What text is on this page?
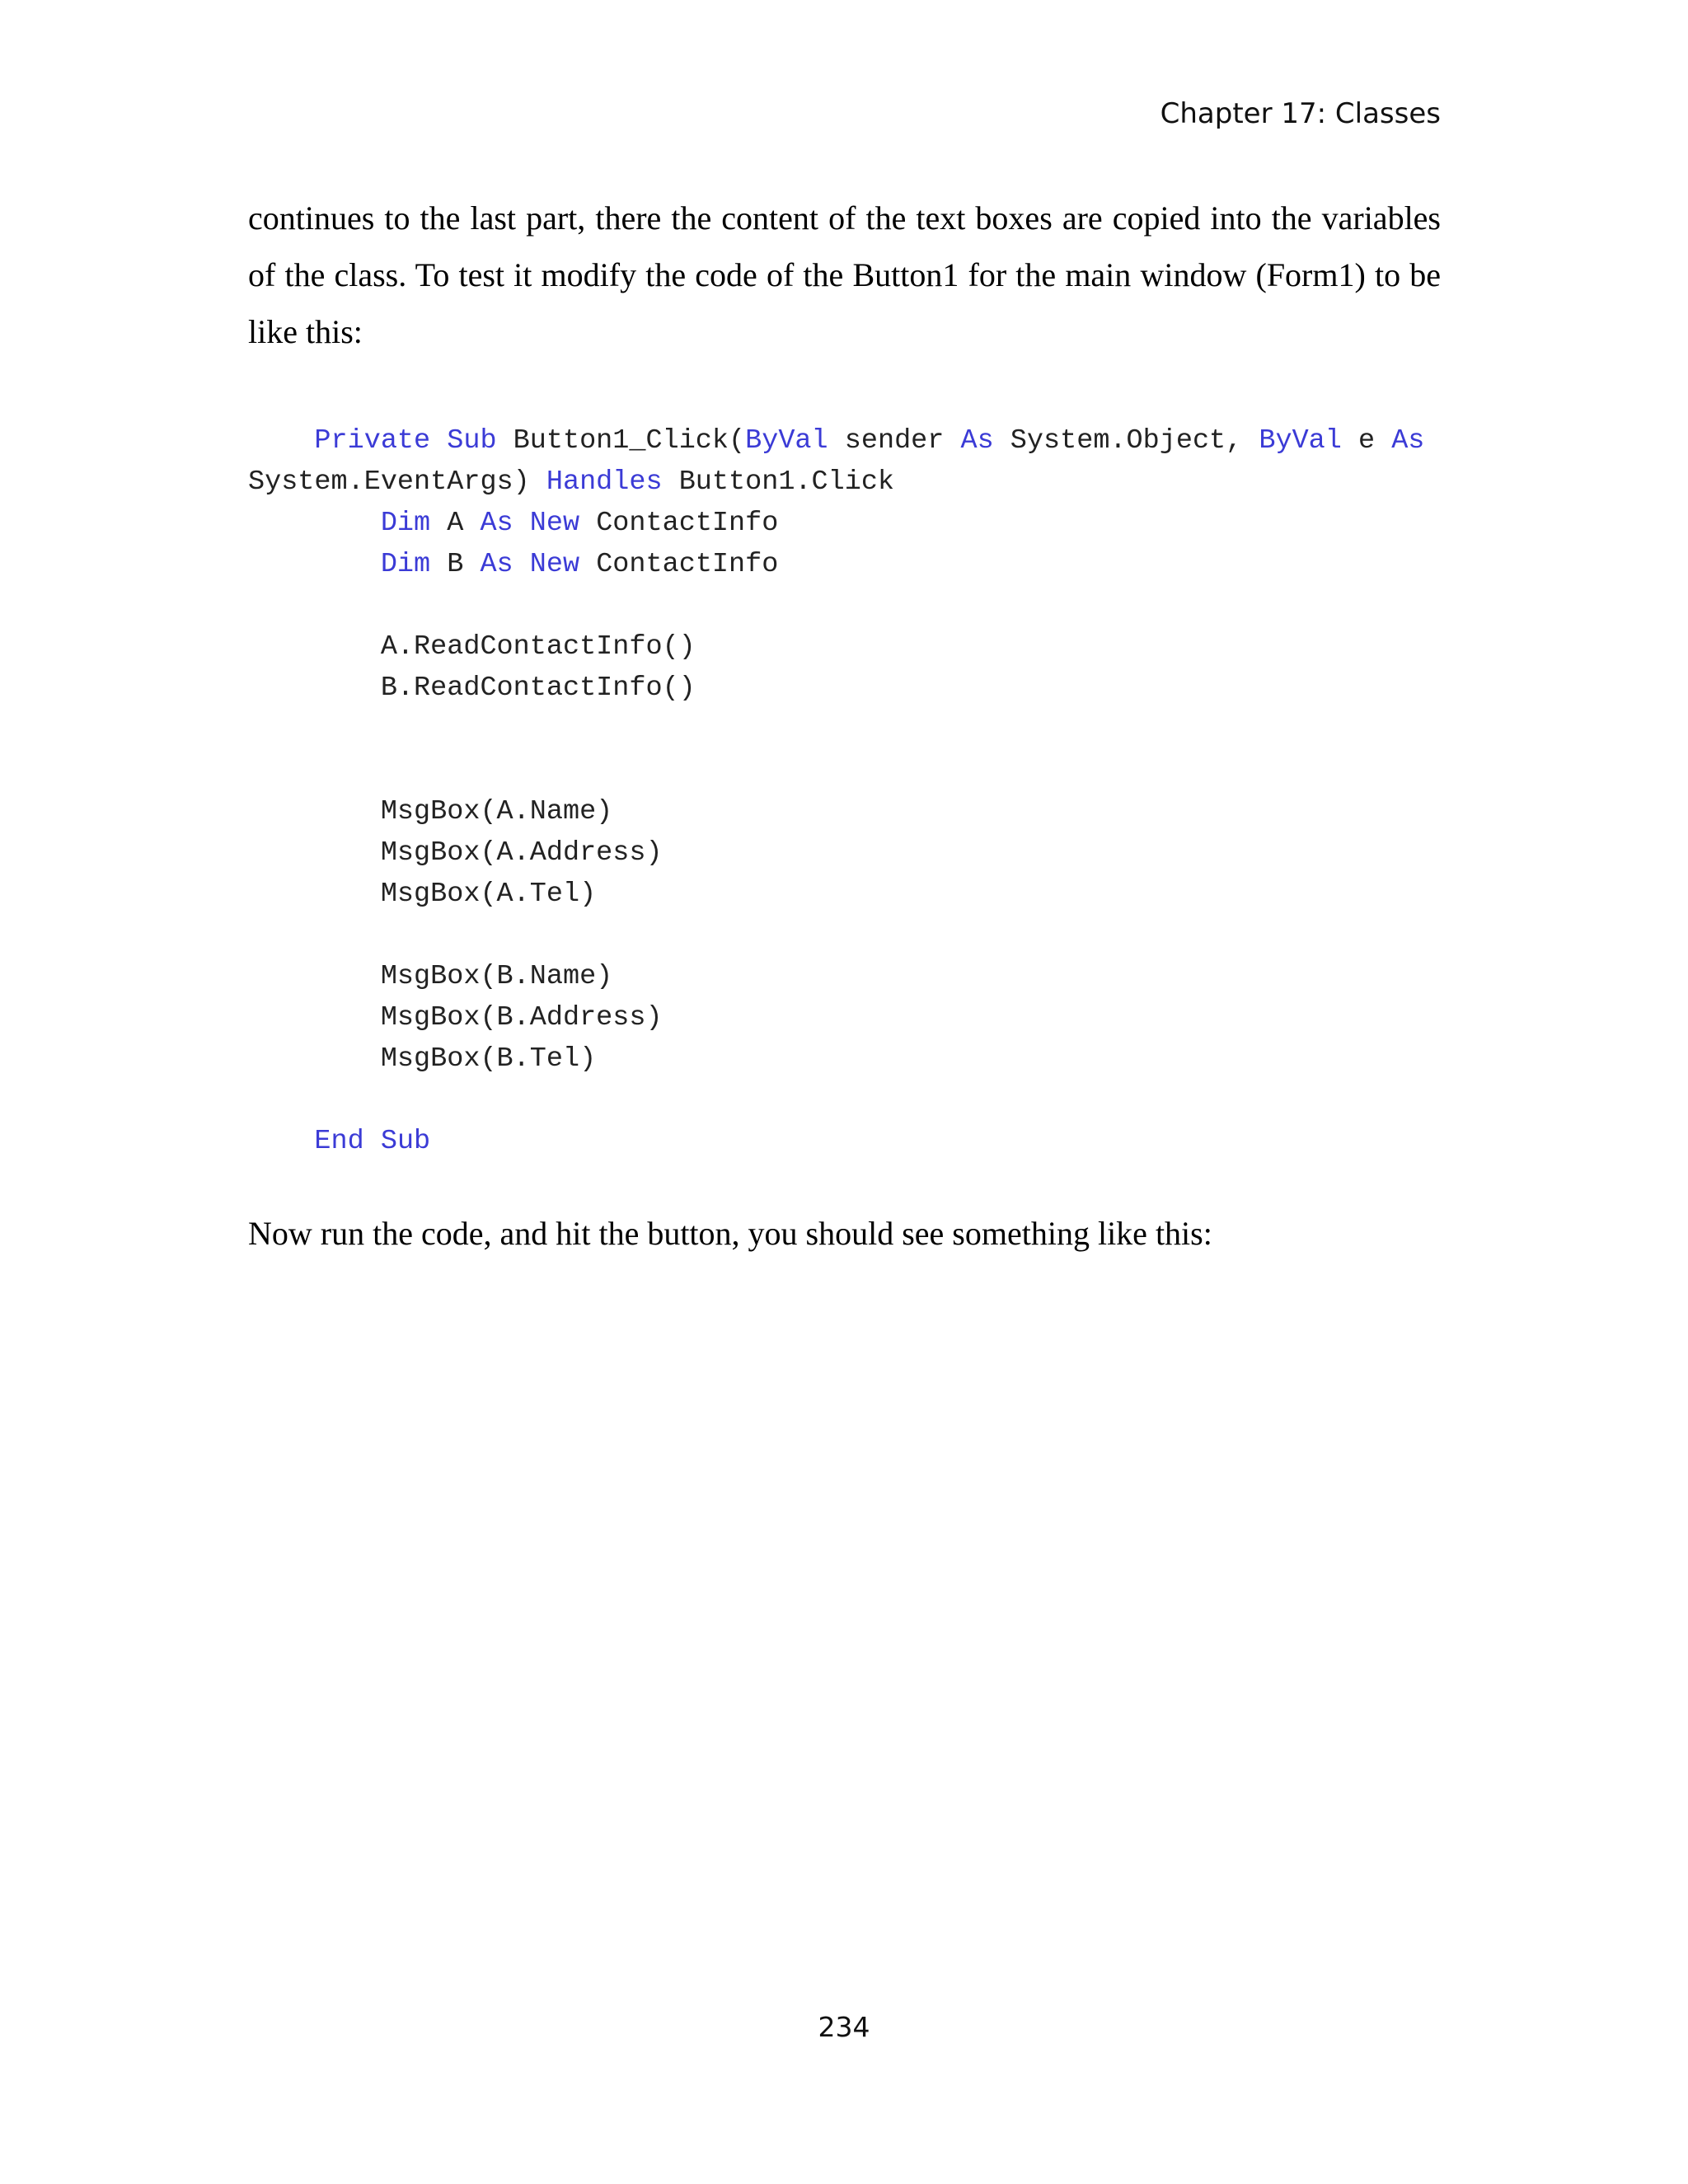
Chapter 17: Classes

continues to the last part, there the content of the text boxes are copied into the variables
of the class. To test it modify the code of the Button1 for the main window (Form1) to be
like this:

Private Sub Button1_Click(ByVal sender As System.Object, ByVal e As
System.EventArgs) Handles Button1.Click
Dim A As New ContactInfo
Dim B As New ContactInfo
A.ReadContactInfo()
B.ReadContactInfo()
MsgBox(A.Name)
MsgBox(A.Address)
MsgBox(A.Tel)
MsgBox(B.Name)
MsgBox(B.Address)
MsgBox(B.Tel)
End Sub

Now run the code, and hit the button, you should see something like this:

234
